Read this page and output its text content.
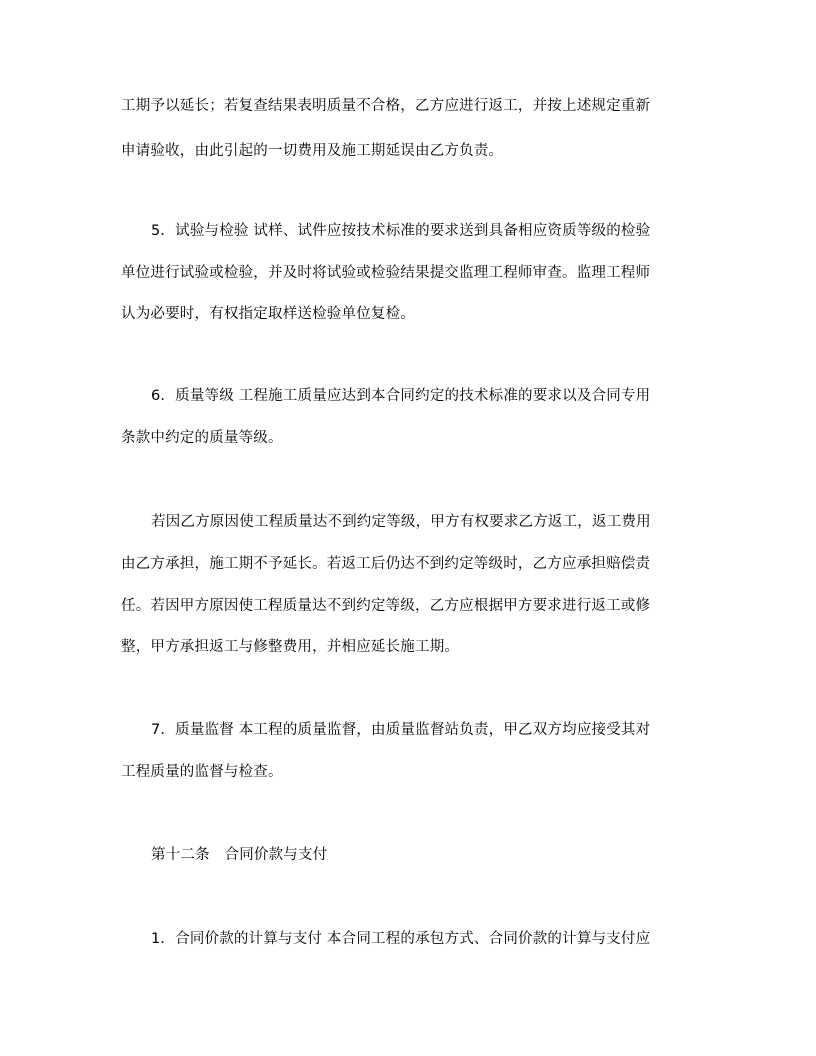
工期予以延长；若复查结果表明质量不合格，乙方应进行返工，并按上述规定重新
申请验收，由此引起的一切费用及施工期延误由乙方负责。
5．试验与检验 试样、试件应按技术标准的要求送到具备相应资质等级的检验
单位进行试验或检验，并及时将试验或检验结果提交监理工程师审查。监理工程师
认为必要时，有权指定取样送检验单位复检。
6．质量等级 工程施工质量应达到本合同约定的技术标准的要求以及合同专用
条款中约定的质量等级。
若因乙方原因使工程质量达不到约定等级，甲方有权要求乙方返工，返工费用
由乙方承担，施工期不予延长。若返工后仍达不到约定等级时，乙方应承担赔偿责
任。若因甲方原因使工程质量达不到约定等级，乙方应根据甲方要求进行返工或修
整，甲方承担返工与修整费用，并相应延长施工期。
7．质量监督 本工程的质量监督，由质量监督站负责，甲乙双方均应接受其对
工程质量的监督与检查。
第十二条　合同价款与支付
1．合同价款的计算与支付 本合同工程的承包方式、合同价款的计算与支付应
